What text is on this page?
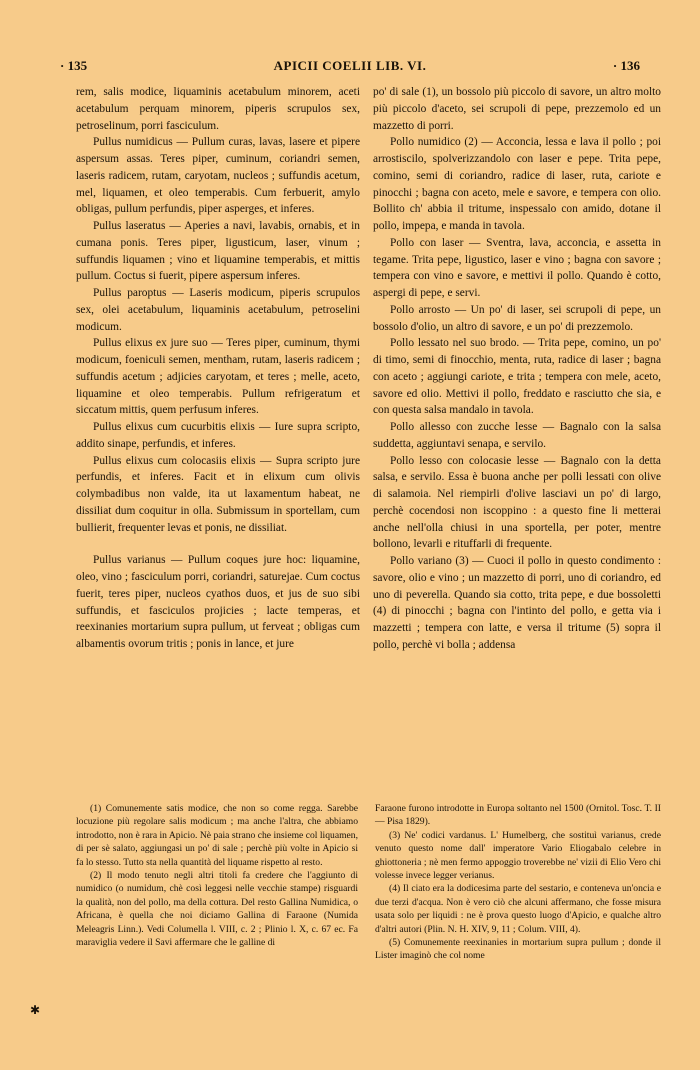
· 135	APICII COELII LIB. VI.	· 136

rem, salis modice, liquaminis acetabulum minorem, aceti acetabulum perquam minorem, piperis scrupulos sex, petroselinum, porri fasciculum.

Pullus numidicus — Pullum curas, lavas, lasere et pipere aspersum assas. Teres piper, cuminum, coriandri semen, laseris radicem, rutam, caryotam, nucleos ; suffundis acetum, mel, liquamen, et oleo temperabis. Cum ferbuerit, amylo obligas, pullum perfundis, piper asperges, et inferes.

Pullus laseratus — Aperies a navi, lavabis, ornabis, et in cumana ponis. Teres piper, ligusticum, laser, vinum ; suffundis liquamen ; vino et liquamine temperabis, et mittis pullum. Coctus si fuerit, pipere aspersum inferes.

Pullus paroptus — Laseris modicum, piperis scrupulos sex, olei acetabulum, liquaminis acetabulum, petroselini modicum.

Pullus elixus ex jure suo — Teres piper, cuminum, thymi modicum, foeniculi semen, mentham, rutam, laseris radicem ; suffundis acetum ; adjicies caryotam, et teres ; melle, aceto, liquamine et oleo temperabis. Pullum refrigeratum et siccatum mittis, quem perfusum inferes.

Pullus elixus cum cucurbitis elixis — Iure supra scripto, addito sinape, perfundis, et inferes.

Pullus elixus cum colocasiis elixis — Supra scripto jure perfundis, et inferes. Facit et in elixum cum olivis colymbadibus non valde, ita ut laxamentum habeat, ne dissiliat dum coquitur in olla. Submissum in sportellam, cum bullierit, frequenter levas et ponis, ne dissiliat.

Pullus varianus — Pullum coques jure hoc: liquamine, oleo, vino ; fasciculum porri, coriandri, saturejae. Cum coctus fuerit, teres piper, nucleos cyathos duos, et jus de suo sibi suffundis, et fasciculos projicies ; lacte temperas, et reexinanies mortarium supra pullum, ut ferveat ; obligas cum albamentis ovorum tritis ; ponis in lance, et jure

po' di sale (1), un bossolo più piccolo di savore, un altro molto più piccolo d'aceto, sei scrupoli di pepe, prezzemolo ed un mazzetto di porri.

Pollo numidico (2) — Acconcia, lessa e lava il pollo ; poi arrostiscilo, spolverizzandolo con laser e pepe. Trita pepe, comino, semi di coriandro, radice di laser, ruta, cariote e pinocchi ; bagna con aceto, mele e savore, e tempera con olio. Bollito ch' abbia il tritume, inspessalo con amido, dotane il pollo, impepa, e manda in tavola.

Pollo con laser — Sventra, lava, acconcia, e assetta in tegame. Trita pepe, ligustico, laser e vino ; bagna con savore ; tempera con vino e savore, e mettivi il pollo. Quando è cotto, aspergi di pepe, e servi.

Pollo arrosto — Un po' di laser, sei scrupoli di pepe, un bossolo d'olio, un altro di savore, e un po' di prezzemolo.

Pollo lessato nel suo brodo. — Trita pepe, comino, un po' di timo, semi di finocchio, menta, ruta, radice di laser ; bagna con aceto ; aggiungi cariote, e trita ; tempera con mele, aceto, savore ed olio. Mettivi il pollo, freddato e rasciutto che sia, e con questa salsa mandalo in tavola.

Pollo allesso con zucche lesse — Bagnalo con la salsa suddetta, aggiuntavi senapa, e servilo.

Pollo lesso con colocasie lesse — Bagnalo con la detta salsa, e servilo. Essa è buona anche per polli lessati con olive di salamoia. Nel riempirli d'olive lasciavi un po' di largo, perchè cocendosi non iscoppino : a questo fine li metterai anche nell'olla chiusi in una sportella, per poter, mentre bollono, levarli e rituffarli di frequente.

Pollo variano (3) — Cuoci il pollo in questo condimento : savore, olio e vino ; un mazzetto di porri, uno di coriandro, ed uno di peverella. Quando sia cotto, trita pepe, e due bossoletti (4) di pinocchi ; bagna con l'intinto del pollo, e getta via i mazzetti ; tempera con latte, e versa il tritume (5) sopra il pollo, perchè vi bolla ; addensa

(1) Comunemente satis modice, che non so come regga. Sarebbe locuzione più regolare salis modicum ; ma anche l'altra, che abbiamo introdotto, non è rara in Apicio. Nè paia strano che insieme col liquamen, di per sè salato, aggiungasi un po' di sale ; perchè più volte in Apicio si fa lo stesso. Tutto sta nella quantità del liquame rispetto al resto.

(2) Il modo tenuto negli altri titoli fa credere che l'aggiunto di numidico (o numidum, chè così leggesi nelle vecchie stampe) risguardi la qualità, non del pollo, ma della cottura. Del resto Gallina Numidica, o Africana, è quella che noi diciamo Gallina di Faraone (Numida Meleagris Linn.). Vedi Columella l. VIII, c. 2 ; Plinio l. X, c. 67 ec. Fa maraviglia vedere il Savi affermare che le galline di

Faraone furono introdotte in Europa soltanto nel 1500 (Ornitol. Tosc. T. II — Pisa 1829).

(3) Ne' codici vardanus. L' Humelberg, che sostituì varianus, crede venuto questo nome dall' imperatore Vario Eliogabalo celebre in ghiottoneria ; nè men fermo appoggio troverebbe ne' vizii di Elio Vero chi volesse invece legger verianus.

(4) Il ciato era la dodicesima parte del sestario, e conteneva un'oncia e due terzi d'acqua. Non è vero ciò che alcuni affermano, che fosse misura usata solo per liquidi : ne è prova questo luogo d'Apicio, e qualche altro d'altri autori (Plin. N. H. XIV, 9, 11 ; Colum. VIII, 4).

(5) Comunemente reexinanies in mortarium supra pullum ; donde il Lister imaginò che col nome

✱
